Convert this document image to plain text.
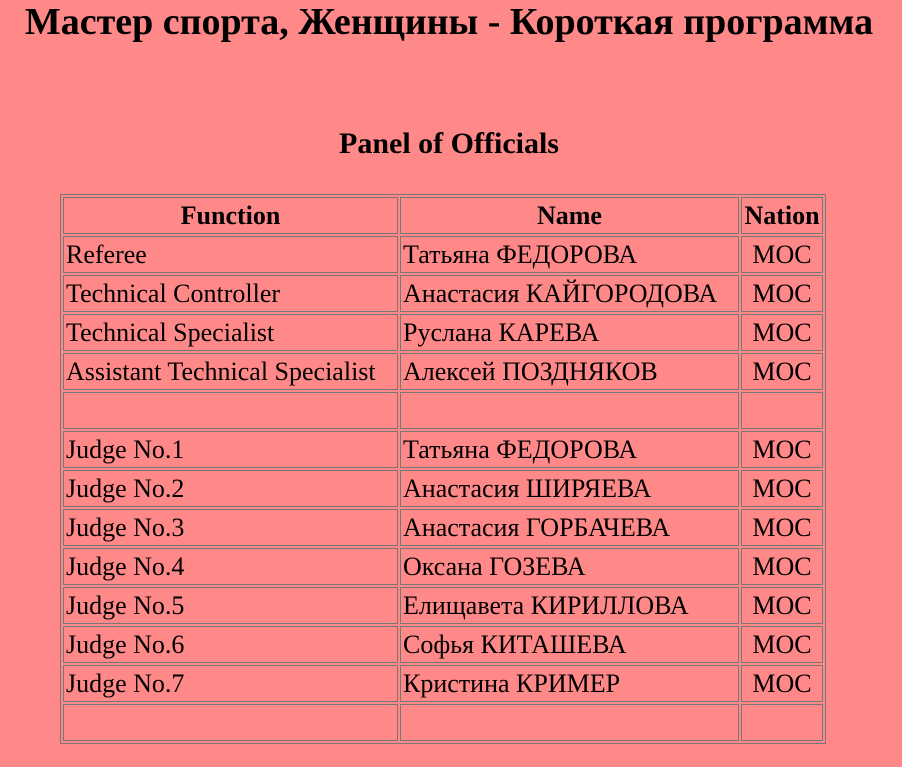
Мастер спорта, Женщины - Короткая программа
Panel of Officials
Function	Name	Nation
Referee	Татьяна ФЕДОРОВА	MOC
Technical Controller	Анастасия КАЙГОРОДОВА	MOC
Technical Specialist	Руслана КАРЕВА	MOC
Assistant Technical Specialist	Алексей ПОЗДНЯКОВ	MOC

Judge No.1	Татьяна ФЕДОРОВА	MOC
Judge No.2	Анастасия ШИРЯЕВА	MOC
Judge No.3	Анастасия ГОРБАЧЕВА	MOC
Judge No.4	Оксана ГОЗЕВА	MOC
Judge No.5	Елищавета КИРИЛЛОВА	MOC
Judge No.6	Софья КИТАШЕВА	MOC
Judge No.7	Кристина КРИМЕР	MOC
